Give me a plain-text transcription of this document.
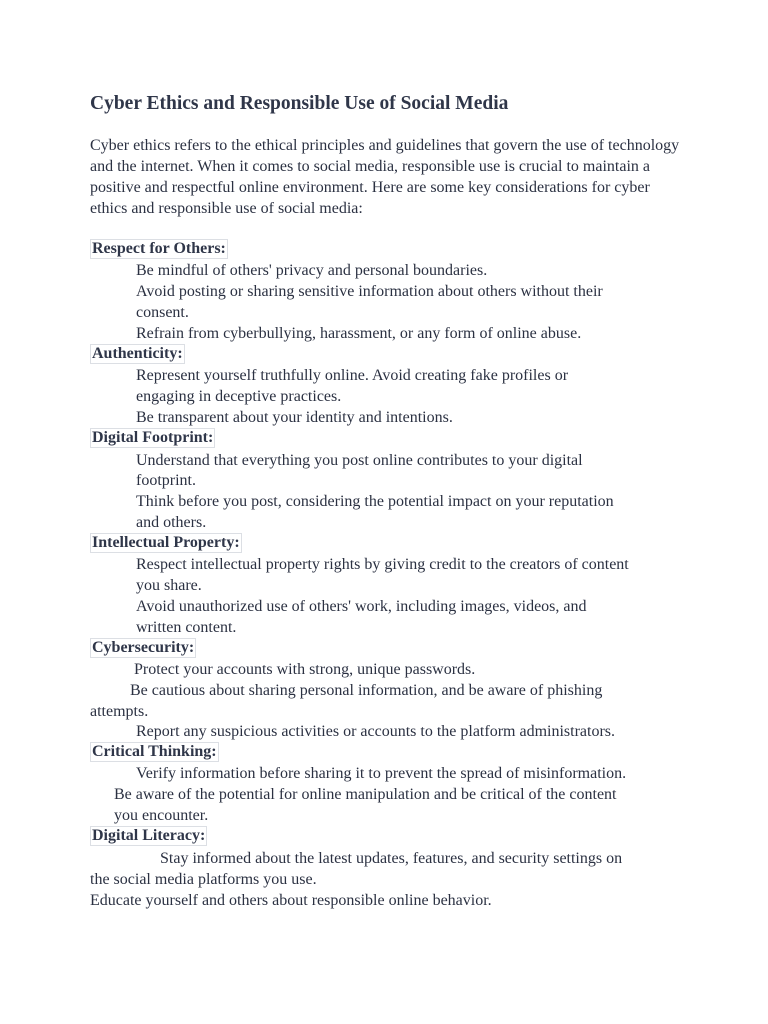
Cyber Ethics and Responsible Use of Social Media

Cyber ethics refers to the ethical principles and guidelines that govern the use of technology and the internet. When it comes to social media, responsible use is crucial to maintain a positive and respectful online environment. Here are some key considerations for cyber ethics and responsible use of social media:

Respect for Others:
Be mindful of others' privacy and personal boundaries.
Avoid posting or sharing sensitive information about others without their
consent.
Refrain from cyberbullying, harassment, or any form of online abuse.
Authenticity:
Represent yourself truthfully online. Avoid creating fake profiles or
engaging in deceptive practices.
Be transparent about your identity and intentions.
Digital Footprint:
Understand that everything you post online contributes to your digital
footprint.
Think before you post, considering the potential impact on your reputation
and others.
Intellectual Property:
Respect intellectual property rights by giving credit to the creators of content
you share.
Avoid unauthorized use of others' work, including images, videos, and
written content.
Cybersecurity:
Protect your accounts with strong, unique passwords.
Be cautious about sharing personal information, and be aware of phishing
attempts.
Report any suspicious activities or accounts to the platform administrators.
Critical Thinking:
Verify information before sharing it to prevent the spread of misinformation.
Be aware of the potential for online manipulation and be critical of the content
you encounter.
Digital Literacy:
Stay informed about the latest updates, features, and security settings on
the social media platforms you use.
Educate yourself and others about responsible online behavior.
